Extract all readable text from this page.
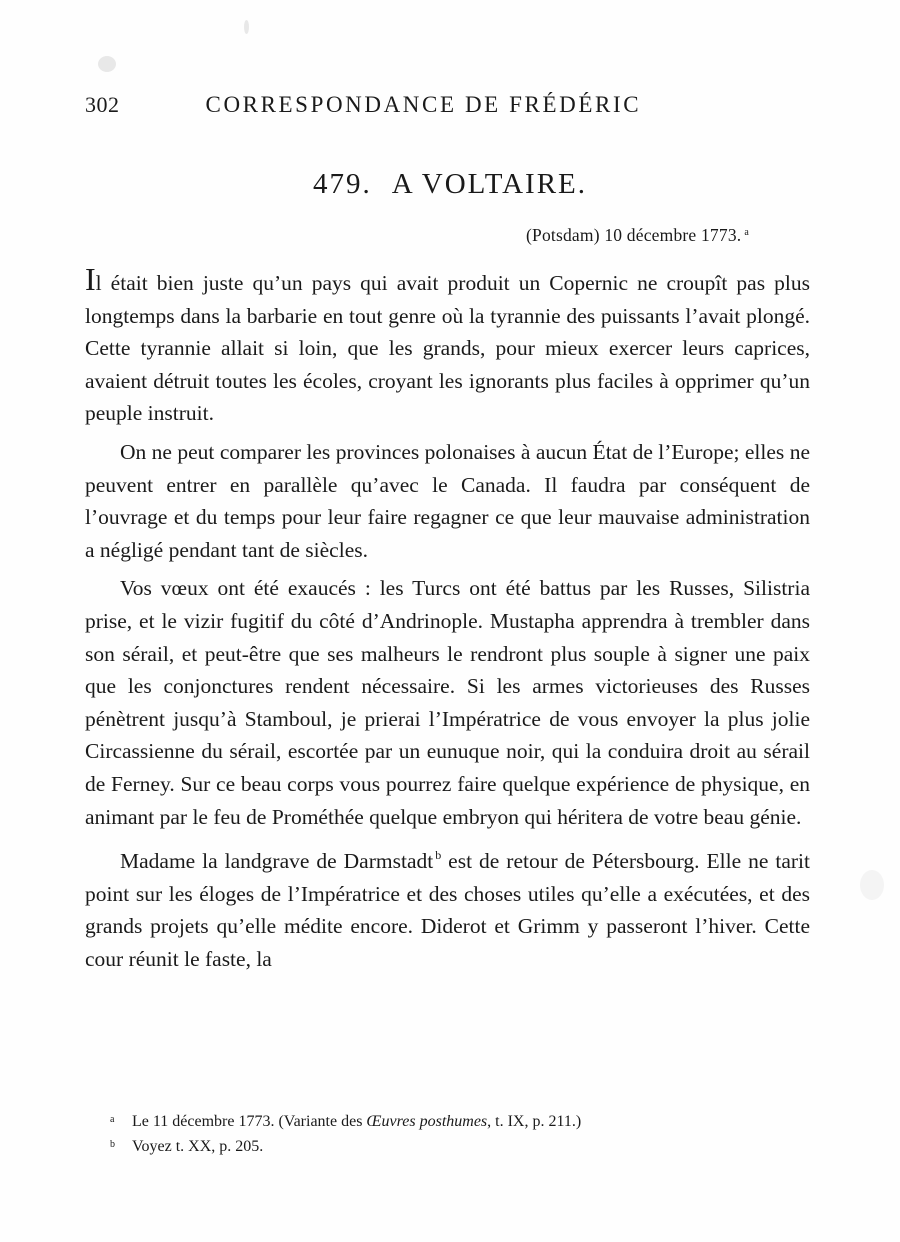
302	CORRESPONDANCE DE FRÉDÉRIC
479. A VOLTAIRE.
(Potsdam) 10 décembre 1773. $^a$

Il était bien juste qu’un pays qui avait produit un Copernic ne croupît pas plus longtemps dans la barbarie en tout genre où la tyrannie des puissants l’avait plongé. Cette tyrannie allait si loin, que les grands, pour mieux exercer leurs caprices, avaient détruit toutes les écoles, croyant les ignorants plus faciles à opprimer qu’un peuple instruit.

On ne peut comparer les provinces polonaises à aucun État de l’Europe; elles ne peuvent entrer en parallèle qu’avec le Canada. Il faudra par conséquent de l’ouvrage et du temps pour leur faire regagner ce que leur mauvaise administration a négligé pendant tant de siècles.

Vos vœux ont été exaucés : les Turcs ont été battus par les Russes, Silistria prise, et le vizir fugitif du côté d’Andrinople. Mustapha apprendra à trembler dans son sérail, et peut-être que ses malheurs le rendront plus souple à signer une paix que les conjonctures rendent nécessaire. Si les armes victorieuses des Russes pénètrent jusqu’à Stamboul, je prierai l’Impératrice de vous envoyer la plus jolie Circassienne du sérail, escortée par un eunuque noir, qui la conduira droit au sérail de Ferney. Sur ce beau corps vous pourrez faire quelque expérience de physique, en animant par le feu de Prométhée quelque embryon qui héritera de votre beau génie.

Madame la landgrave de Darmstadt $^b$ est de retour de Pétersbourg. Elle ne tarit point sur les éloges de l’Impératrice et des choses utiles qu’elle a exécutées, et des grands projets qu’elle médite encore. Diderot et Grimm y passeront l’hiver. Cette cour réunit le faste, la

a Le 11 décembre 1773. (Variante des Œuvres posthumes, t. IX, p. 211.)
b Voyez t. XX, p. 205.
